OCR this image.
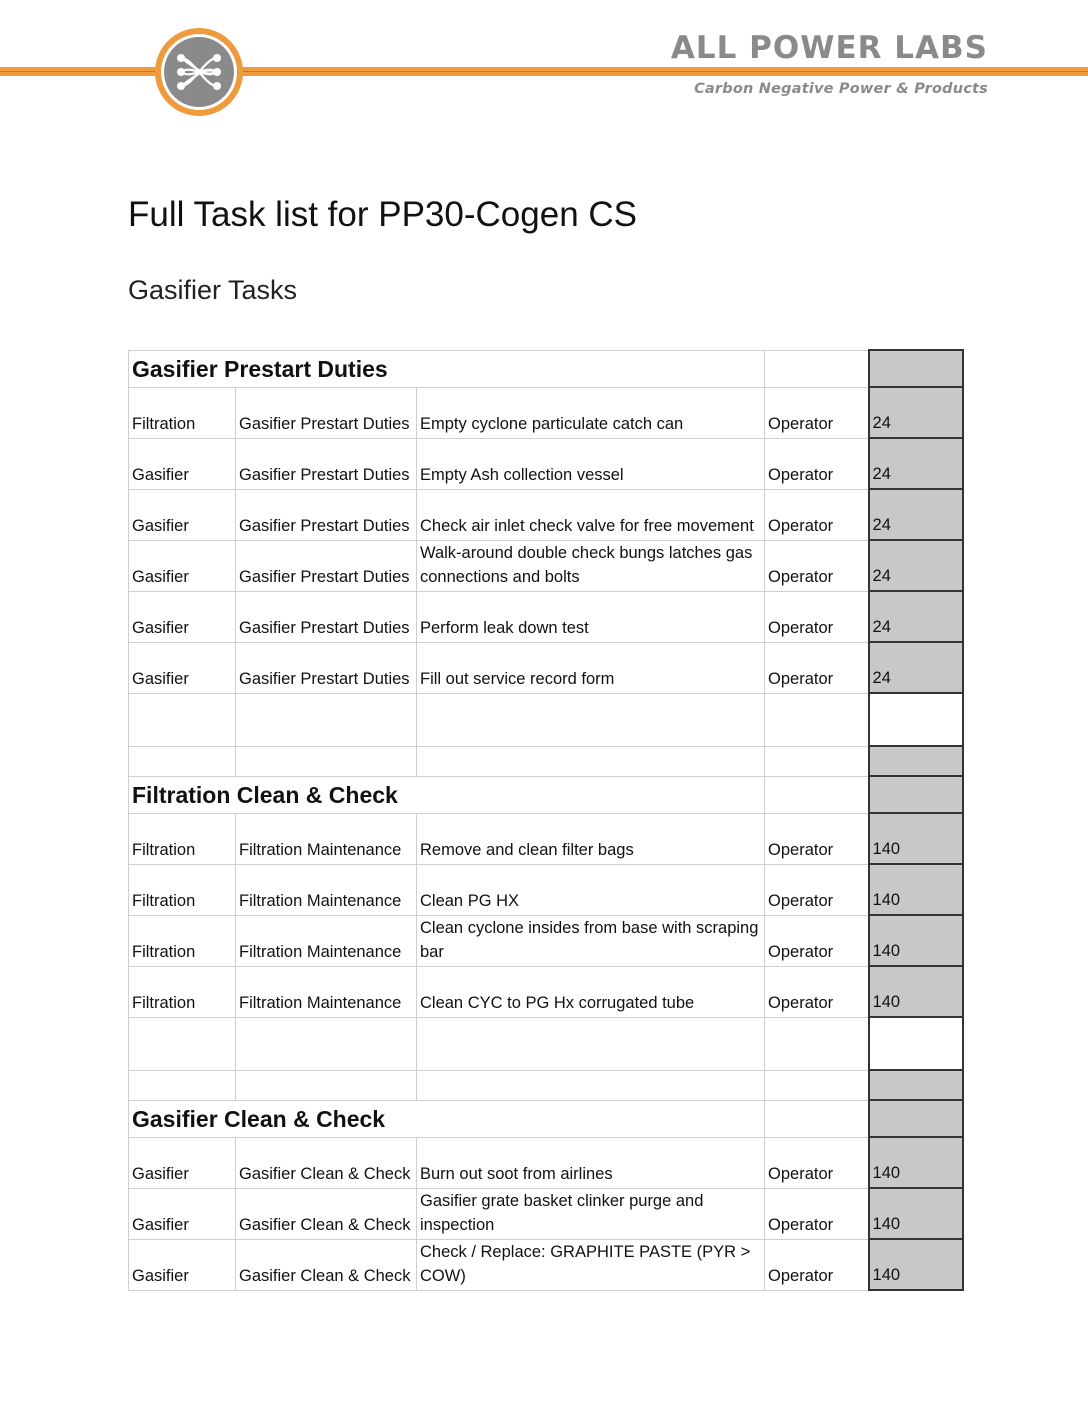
ALL POWER LABS
Carbon Negative Power & Products
Full Task list for PP30-Cogen CS
Gasifier Tasks
Gasifier Prestart Duties				
Filtration	Gasifier Prestart Duties	Empty cyclone particulate catch can	Operator	24
Gasifier	Gasifier Prestart Duties	Empty Ash collection vessel	Operator	24
Gasifier	Gasifier Prestart Duties	Check air inlet check valve for free movement	Operator	24
Gasifier	Gasifier Prestart Duties	Walk-around double check bungs latches gas connections and bolts	Operator	24
Gasifier	Gasifier Prestart Duties	Perform leak down test	Operator	24
Gasifier	Gasifier Prestart Duties	Fill out service record form	Operator	24

Filtration Clean & Check				
Filtration	Filtration Maintenance	Remove and clean filter bags	Operator	140
Filtration	Filtration Maintenance	Clean PG HX	Operator	140
Filtration	Filtration Maintenance	Clean cyclone insides from base with scraping bar	Operator	140
Filtration	Filtration Maintenance	Clean CYC to PG Hx corrugated tube	Operator	140

Gasifier Clean & Check				
Gasifier	Gasifier Clean & Check	Burn out soot from airlines	Operator	140
Gasifier	Gasifier Clean & Check	Gasifier grate basket clinker purge and inspection	Operator	140
Gasifier	Gasifier Clean & Check	Check / Replace: GRAPHITE PASTE (PYR > COW)	Operator	140
